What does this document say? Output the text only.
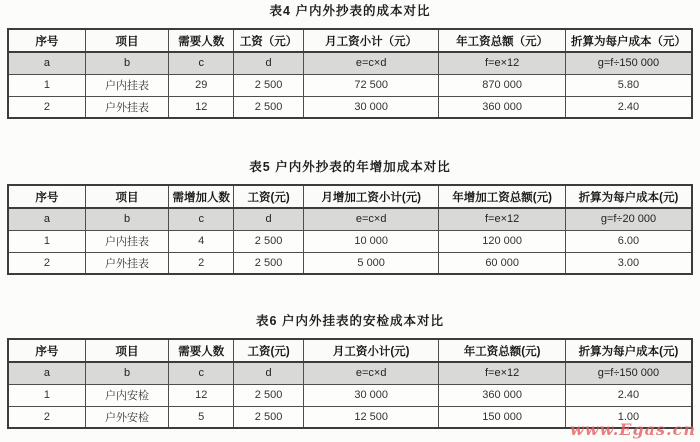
表4 户内外抄表的成本对比
序号	项目	需要人数	工资（元）	月工资小计（元）	年工资总额（元）	折算为每户成本（元）
a	b	c	d	e=c×d	f=e×12	g=f÷150 000
1	户内挂表	29	2 500	72 500	870 000	5.80
2	户外挂表	12	2 500	30 000	360 000	2.40
表5 户内外抄表的年增加成本对比
序号	项目	需增加人数	工资(元)	月增加工资小计(元)	年增加工资总额(元)	折算为每户成本(元)
a	b	c	d	e=c×d	f=e×12	g=f÷20 000
1	户内挂表	4	2 500	10 000	120 000	6.00
2	户外挂表	2	2 500	5 000	60 000	3.00
表6 户内外挂表的安检成本对比
序号	项目	需要人数	工资(元)	月工资小计(元)	年工资总额(元)	折算为每户成本(元)
a	b	c	d	e=c×d	f=e×12	g=f÷150 000
1	户内安检	12	2 500	30 000	360 000	2.40
2	户外安检	5	2 500	12 500	150 000	1.00
www.Egas.cn
